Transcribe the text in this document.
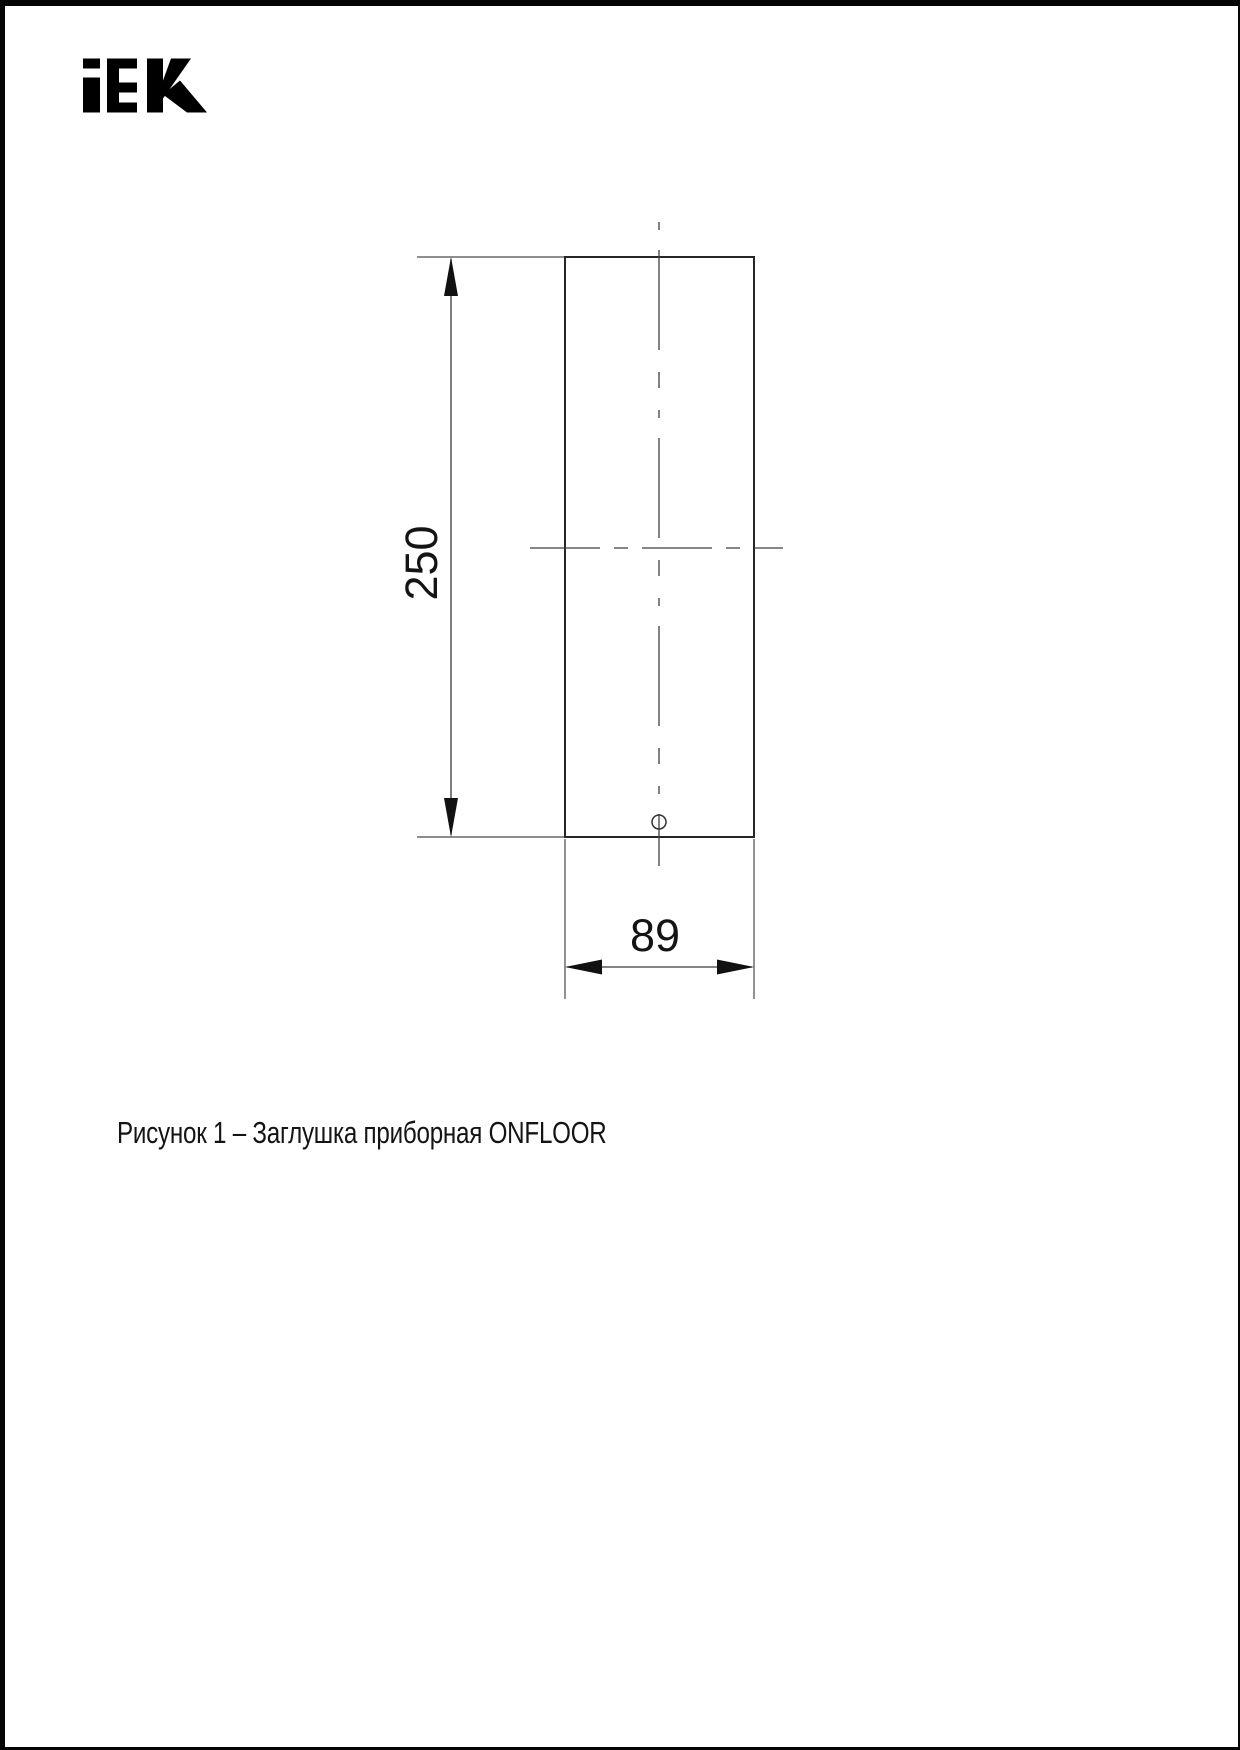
250
89
Рисунок 1 – Заглушка приборная ONFLOOR
